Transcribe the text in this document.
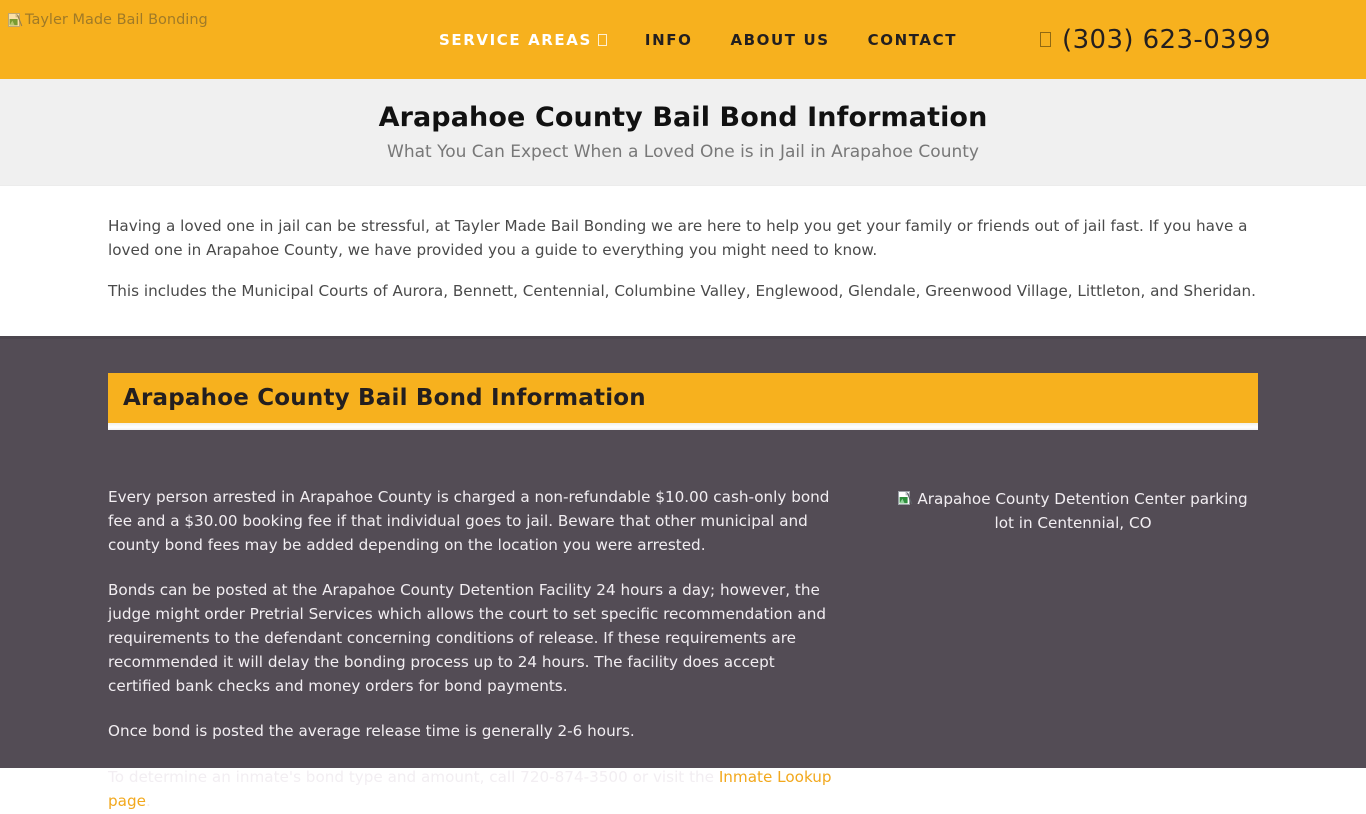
Tayler Made Bail Bonding
SERVICE AREAS	INFO	ABOUT US	CONTACT	(303) 623-0399
Arapahoe County Bail Bond Information

What You Can Expect When a Loved One is in Jail in Arapahoe County

Having a loved one in jail can be stressful, at Tayler Made Bail Bonding we are here to help you get your family or friends out of jail fast. If you have a loved one in Arapahoe County, we have provided you a guide to everything you might need to know.

This includes the Municipal Courts of Aurora, Bennett, Centennial, Columbine Valley, Englewood, Glendale, Greenwood Village, Littleton, and Sheridan.

Arapahoe County Bail Bond Information

Every person arrested in Arapahoe County is charged a non-refundable $10.00 cash-only bond fee and a $30.00 booking fee if that individual goes to jail. Beware that other municipal and county bond fees may be added depending on the location you were arrested.

Bonds can be posted at the Arapahoe County Detention Facility 24 hours a day; however, the judge might order Pretrial Services which allows the court to set specific recommendation and requirements to the defendant concerning conditions of release. If these requirements are recommended it will delay the bonding process up to 24 hours. The facility does accept certified bank checks and money orders for bond payments.

Once bond is posted the average release time is generally 2-6 hours.

To determine an inmate's bond type and amount, call 720-874-3500 or visit the Inmate Lookup page.

Arapahoe County Detention Center parking lot in Centennial, CO
